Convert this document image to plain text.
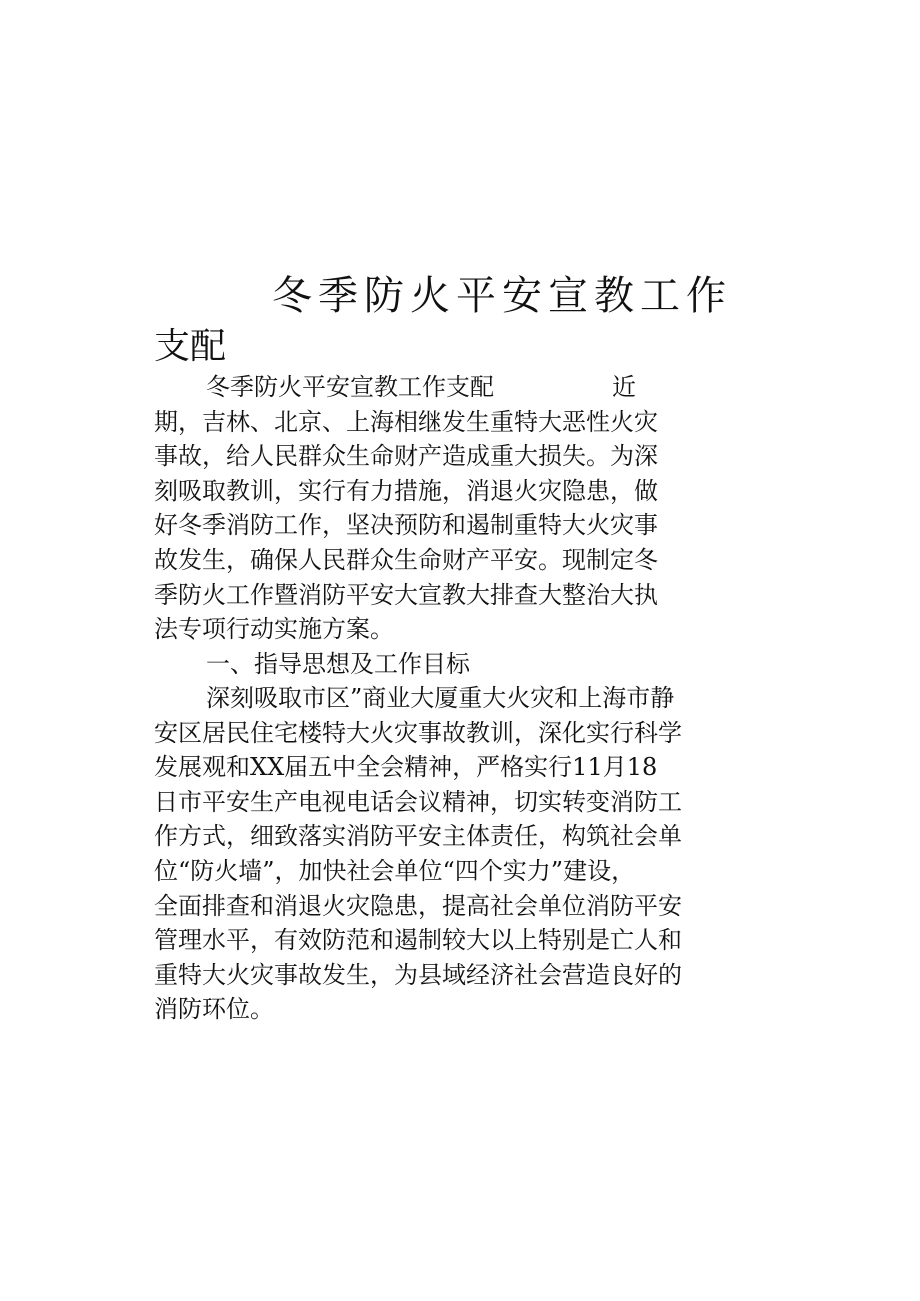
冬季防火平安宣教工作
支配
冬季防火平安宣教工作支配	近
期，吉林、北京、上海相继发生重特大恶性火灾
事故，给人民群众生命财产造成重大损失。为深
刻吸取教训，实行有力措施，消退火灾隐患，做
好冬季消防工作，坚决预防和遏制重特大火灾事
故发生，确保人民群众生命财产平安。现制定冬
季防火工作暨消防平安大宣教大排查大整治大执
法专项行动实施方案。
一、指导思想及工作目标
深刻吸取市区”商业大厦重大火灾和上海市静
安区居民住宅楼特大火灾事故教训，深化实行科学
发展观和XX届五中全会精神，严格实行11月18
日市平安生产电视电话会议精神，切实转变消防工
作方式，细致落实消防平安主体责任，构筑社会单
位“防火墙”，加快社会单位“四个实力”建设，
全面排查和消退火灾隐患，提高社会单位消防平安
管理水平，有效防范和遏制较大以上特别是亡人和
重特大火灾事故发生，为县域经济社会营造良好的
消防环位。
